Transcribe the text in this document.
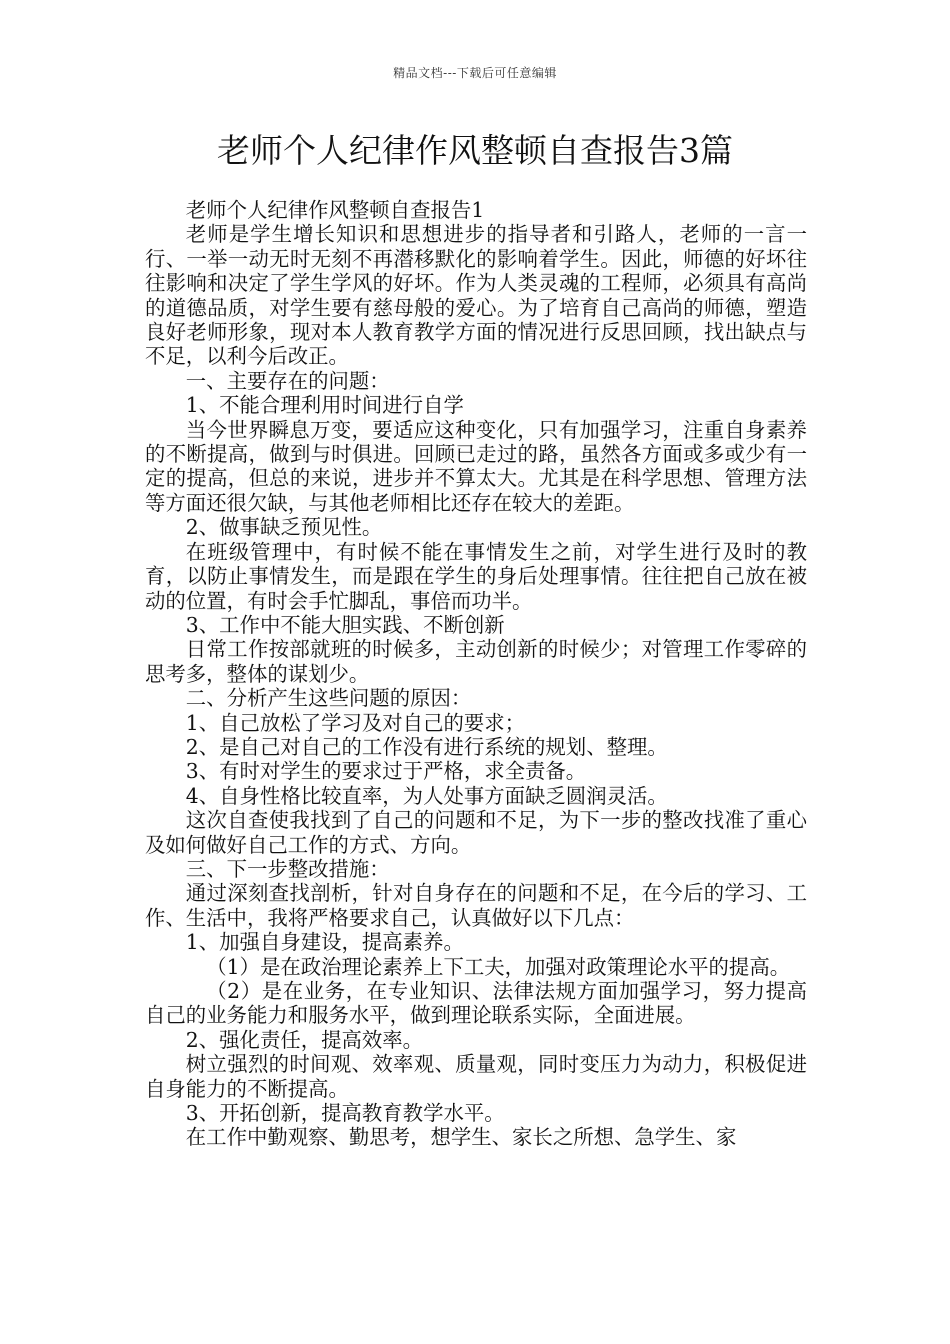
精品文档---下载后可任意编辑
老师个人纪律作风整顿自查报告3篇

老师个人纪律作风整顿自查报告1

老师是学生增长知识和思想进步的指导者和引路人，老师的一言一行、一举一动无时无刻不再潜移默化的影响着学生。因此，师德的好坏往往影响和决定了学生学风的好坏。作为人类灵魂的工程师，必须具有高尚的道德品质，对学生要有慈母般的爱心。为了培育自己高尚的师德，塑造良好老师形象，现对本人教育教学方面的情况进行反思回顾，找出缺点与不足，以利今后改正。

一、主要存在的问题：

1、不能合理利用时间进行自学

当今世界瞬息万变，要适应这种变化，只有加强学习，注重自身素养的不断提高，做到与时俱进。回顾已走过的路，虽然各方面或多或少有一定的提高，但总的来说，进步并不算太大。尤其是在科学思想、管理方法等方面还很欠缺，与其他老师相比还存在较大的差距。

2、做事缺乏预见性。

在班级管理中，有时候不能在事情发生之前，对学生进行及时的教育，以防止事情发生，而是跟在学生的身后处理事情。往往把自己放在被动的位置，有时会手忙脚乱，事倍而功半。

3、工作中不能大胆实践、不断创新

日常工作按部就班的时候多，主动创新的时候少；对管理工作零碎的思考多，整体的谋划少。

二、分析产生这些问题的原因：

1、自己放松了学习及对自己的要求；

2、是自己对自己的工作没有进行系统的规划、整理。

3、有时对学生的要求过于严格，求全责备。

4、自身性格比较直率，为人处事方面缺乏圆润灵活。

这次自查使我找到了自己的问题和不足，为下一步的整改找准了重心及如何做好自己工作的方式、方向。

三、下一步整改措施：

通过深刻查找剖析，针对自身存在的问题和不足，在今后的学习、工作、生活中，我将严格要求自己，认真做好以下几点：

1、加强自身建设，提高素养。

（1）是在政治理论素养上下工夫，加强对政策理论水平的提高。

（2）是在业务，在专业知识、法律法规方面加强学习，努力提高自己的业务能力和服务水平，做到理论联系实际，全面进展。

2、强化责任，提高效率。

树立强烈的时间观、效率观、质量观，同时变压力为动力，积极促进自身能力的不断提高。

3、开拓创新，提高教育教学水平。

在工作中勤观察、勤思考，想学生、家长之所想、急学生、家
